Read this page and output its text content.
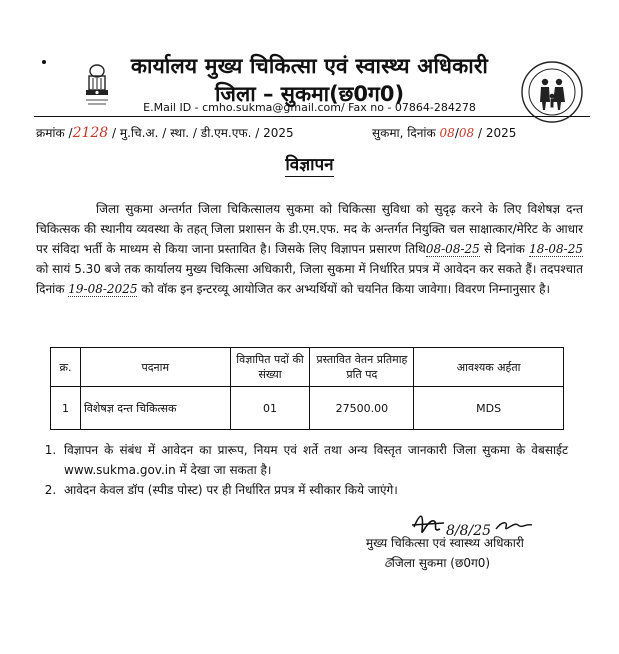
कार्यालय मुख्य चिकित्सा एवं स्वास्थ्य अधिकारी
जिला – सुकमा(छ0ग0)
E.Mail ID - cmho.sukma@gmail.com/ Fax no - 07864-284278
क्रमांक /2128 / मु.चि.अ. / स्था. / डी.एम.एफ. / 2025	सुकमा, दिनांक 08/08 / 2025
विज्ञापन

     जिला सुकमा अन्तर्गत जिला चिकित्सालय सुकमा को चिकित्सा सुविधा को सुदृढ़ करने के लिए विशेषज्ञ दन्त चिकित्सक की स्थानीय व्यवस्था के तहत् जिला प्रशासन के डी.एम.एफ. मद के अन्तर्गत नियुक्ति चल साक्षात्कार/मेरिट के आधार पर संविदा भर्ती के माध्यम से किया जाना प्रस्तावित है। जिसके लिए विज्ञापन प्रसारण तिथि08-08-25 से दिनांक 18-08-25 को सायं 5.30 बजे तक कार्यालय मुख्य चिकित्सा अधिकारी, जिला सुकमा में निर्धारित प्रपत्र में आवेदन कर सकते हैं। तदपश्चात दिनांक 19-08-2025 को वॉक इन इन्टरव्यू आयोजित कर अभ्यर्थियों को चयनित किया जावेगा। विवरण निम्नानुसार है।

क्र.	पदनाम	विज्ञापित पदों की संख्या	प्रस्तावित वेतन प्रतिमाह प्रति पद	आवश्यक अर्हता
1	विशेषज्ञ दन्त चिकित्सक	01	27500.00	MDS
1. विज्ञापन के संबंध में आवेदन का प्रारूप, नियम एवं शर्ते तथा अन्य विस्तृत जानकारी जिला सुकमा के वेबसाईट www.sukma.gov.in में देखा जा सकता है।
2. आवेदन केवल डॉप (स्पीड पोस्ट) पर ही निर्धारित प्रपत्र में स्वीकार किये जाएंगे।
8/8/25
मुख्य चिकित्सा एवं स्वास्थ्य अधिकारी
ᘔजिला सुकमा (छ0ग0)
